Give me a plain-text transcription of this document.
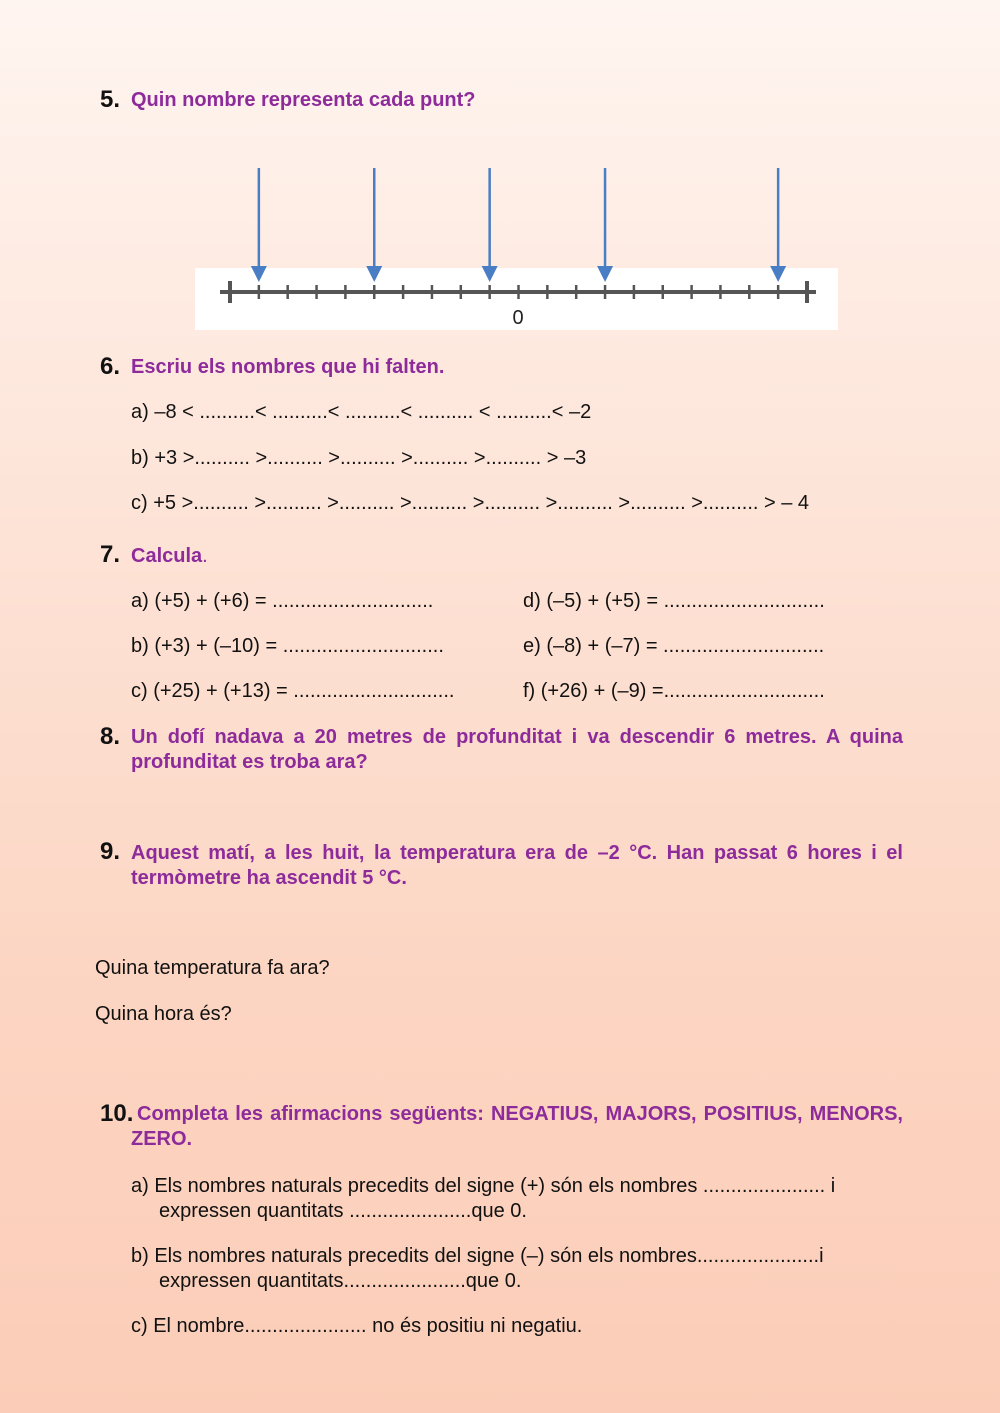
5. Quin nombre representa cada punt?
0
6. Escriu els nombres que hi falten.
a) –8 < ..........< ..........< ..........< .......... < ..........< –2
b) +3 >.......... >.......... >.......... >.......... >.......... > –3
c) +5 >.......... >.......... >.......... >.......... >.......... >.......... >.......... >.......... > – 4
7. Calcula.
a) (+5) + (+6) = .............................
b) (+3) + (–10) = .............................
c) (+25) + (+13) = .............................
d) (–5) + (+5) = .............................
e) (–8) + (–7) = .............................
f) (+26) + (–9) =.............................
8. Un dofí nadava a 20 metres de profunditat i va descendir 6 metres. A quina profunditat es troba ara?
9. Aquest matí, a les huit, la temperatura era de –2 °C. Han passat 6 hores i el termòmetre ha ascendit 5 °C.
Quina temperatura fa ara?
Quina hora és?
10. Completa les afirmacions següents: NEGATIUS, MAJORS, POSITIUS, MENORS, ZERO.
a) Els nombres naturals precedits del signe (+) són els nombres ...................... i
expressen quantitats ......................que 0.
b) Els nombres naturals precedits del signe (–) són els nombres......................i
expressen quantitats......................que 0.
c) El nombre...................... no és positiu ni negatiu.
